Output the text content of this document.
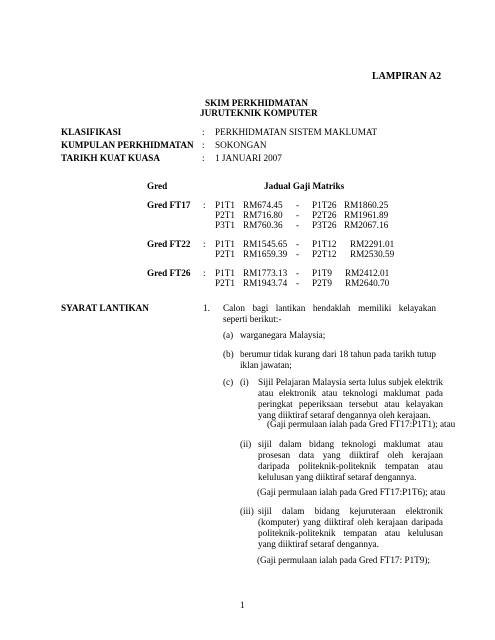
LAMPIRAN A2
SKIM PERKHIDMATAN
JURUTEKNIK KOMPUTER
KLASIFIKASI	: PERKHIDMATAN SISTEM MAKLUMAT
KUMPULAN PERKHIDMATAN : SOKONGAN
TARIKH KUAT KUASA	: 1 JANUARI 2007
Gred	Jadual Gaji Matriks
Gred FT17 : P1T1 RM674.45 - P1T26 RM1860.25
P2T1 RM716.80 - P2T26 RM1961.89
P3T1 RM760.36 - P3T26 RM2067.16
Gred FT22 : P1T1 RM1545.65 - P1T12 RM2291.01
P2T1 RM1659.39 - P2T12 RM2530.59
Gred FT26 : P1T1 RM1773.13 - P1T9 RM2412.01
P2T1 RM1943.74 - P2T9 RM2640.70
SYARAT LANTIKAN	1. Calon bagi lantikan hendaklah memiliki kelayakan seperti berikut:-
(a) warganegara Malaysia;
(b) berumur tidak kurang dari 18 tahun pada tarikh tutup iklan jawatan;
(c) (i) Sijil Pelajaran Malaysia serta lulus subjek elektrik atau elektronik atau teknologi maklumat pada peringkat peperiksaan tersebut atau kelayakan yang diiktiraf setaraf dengannya oleh kerajaan.
(Gaji permulaan ialah pada Gred FT17:P1T1); atau
(ii) sijil dalam bidang teknologi maklumat atau prosesan data yang diiktiraf oleh kerajaan daripada politeknik-politeknik tempatan atau kelulusan yang diiktiraf setaraf dengannya.
(Gaji permulaan ialah pada Gred FT17:P1T6); atau
(iii) sijil dalam bidang kejuruteraan elektronik (komputer) yang diiktiraf oleh kerajaan daripada politeknik-politeknik tempatan atau kelulusan yang diiktiraf setaraf dengannya.
(Gaji permulaan ialah pada Gred FT17: P1T9);
1
